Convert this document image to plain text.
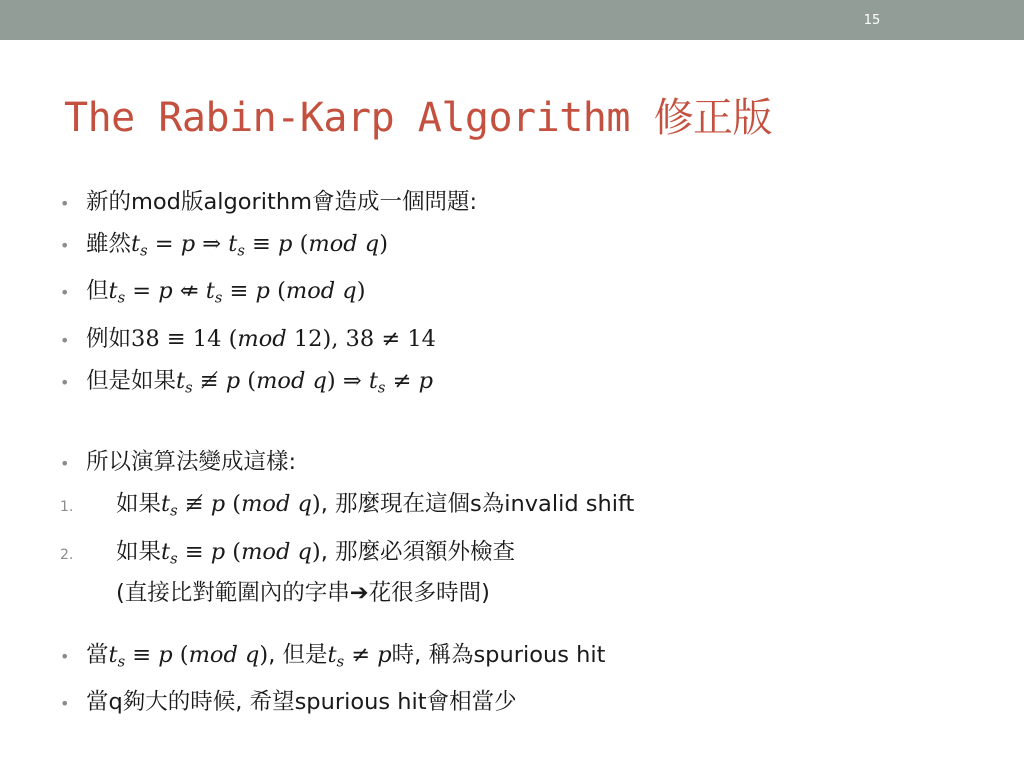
15
The Rabin-Karp Algorithm 修正版
• 新的mod版algorithm會造成一個問題:
• 雖然 $t_s = p$ ⇒ $t_s \equiv p$ (mod q)
• 但 $t_s = p$ ⇍ $t_s \equiv p$ (mod q)
• 例如 38 ≡ 14 (mod 12), 38 ≠ 14
• 但是如果 $t_s$ ≢ p (mod q) ⇒ $t_s \ne p$
• 所以演算法變成這樣:
1.	如果 $t_s$ ≢ p (mod q) , 那麼現在這個s為invalid shift
2.	如果 $t_s \equiv p$ (mod q) , 那麼必須額外檢查
(直接比對範圍內的字串➔花很多時間)
• 當 $t_s \equiv p$ (mod q) , 但是 $t_s \ne p$ 時, 稱為spurious hit
• 當q夠大的時候, 希望spurious hit會相當少
